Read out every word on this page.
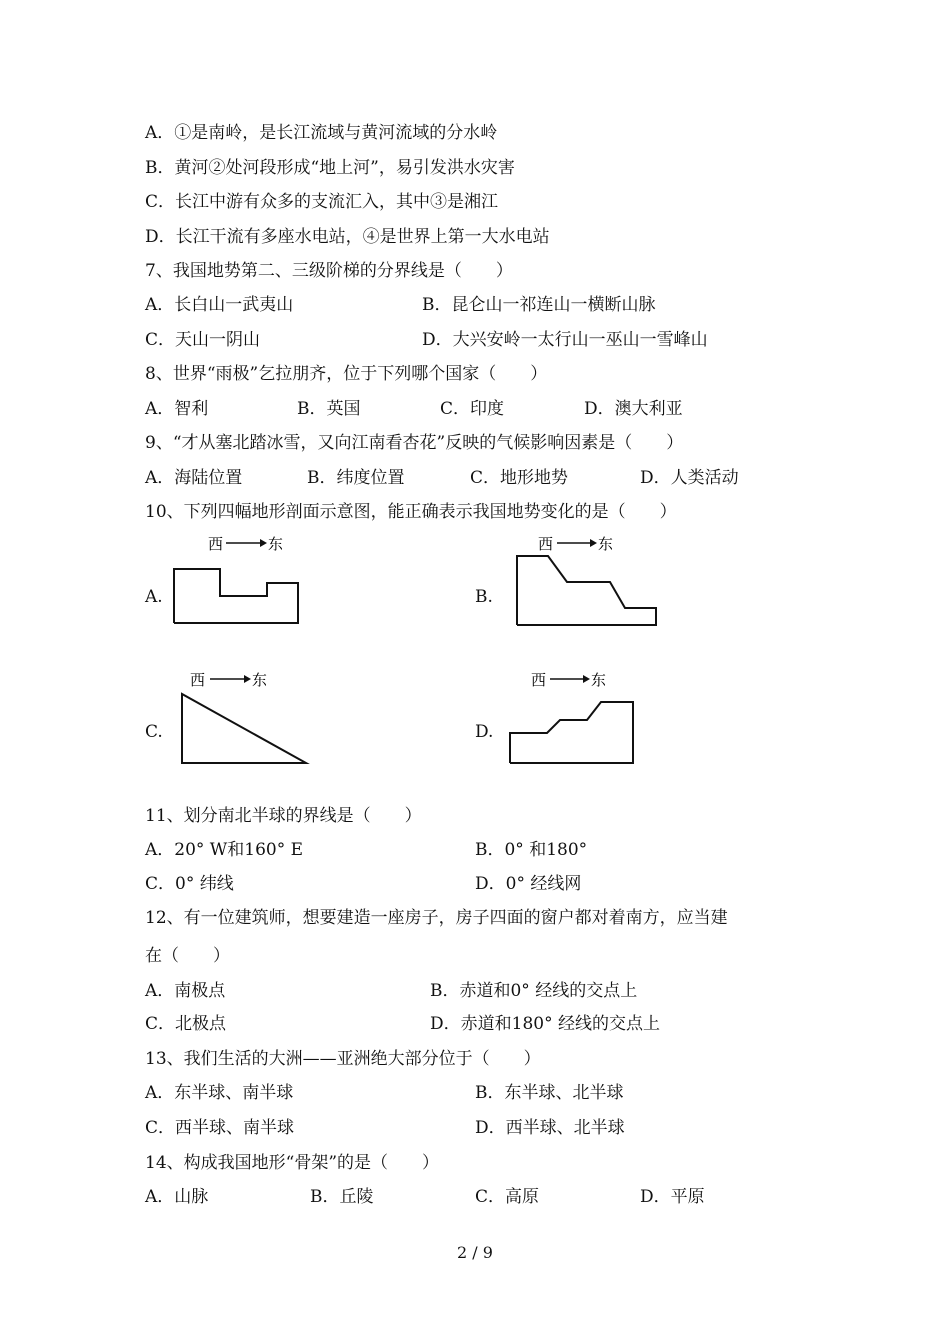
A．①是南岭，是长江流域与黄河流域的分水岭
B．黄河②处河段形成“地上河”，易引发洪水灾害
C．长江中游有众多的支流汇入，其中③是湘江
D．长江干流有多座水电站，④是世界上第一大水电站
7、我国地势第二、三级阶梯的分界线是（　　）
A．长白山一武夷山	B．昆仑山一祁连山一横断山脉
C．天山一阴山	D．大兴安岭一太行山一巫山一雪峰山
8、世界“雨极”乞拉朋齐，位于下列哪个国家（　　）
A．智利	B．英国	C．印度	D．澳大利亚
9、“才从塞北踏冰雪，又向江南看杏花”反映的气候影响因素是（　　）
A．海陆位置	B．纬度位置	C．地形地势	D．人类活动
10、下列四幅地形剖面示意图，能正确表示我国地势变化的是（　　）
A.
西	东
B.
西	东
C.
西	东
D.
西	东
11、划分南北半球的界线是（　　）
A．20° W和160° E	B．0° 和180°
C．0° 纬线	D．0° 经线网
12、有一位建筑师，想要建造一座房子，房子四面的窗户都对着南方，应当建
在（　　）
A．南极点	B．赤道和0° 经线的交点上
C．北极点	D．赤道和180° 经线的交点上
13、我们生活的大洲——亚洲绝大部分位于（　　）
A．东半球、南半球	B．东半球、北半球
C．西半球、南半球	D．西半球、北半球
14、构成我国地形“骨架”的是（　　）
A．山脉	B．丘陵	C．高原	D．平原
2 / 9
